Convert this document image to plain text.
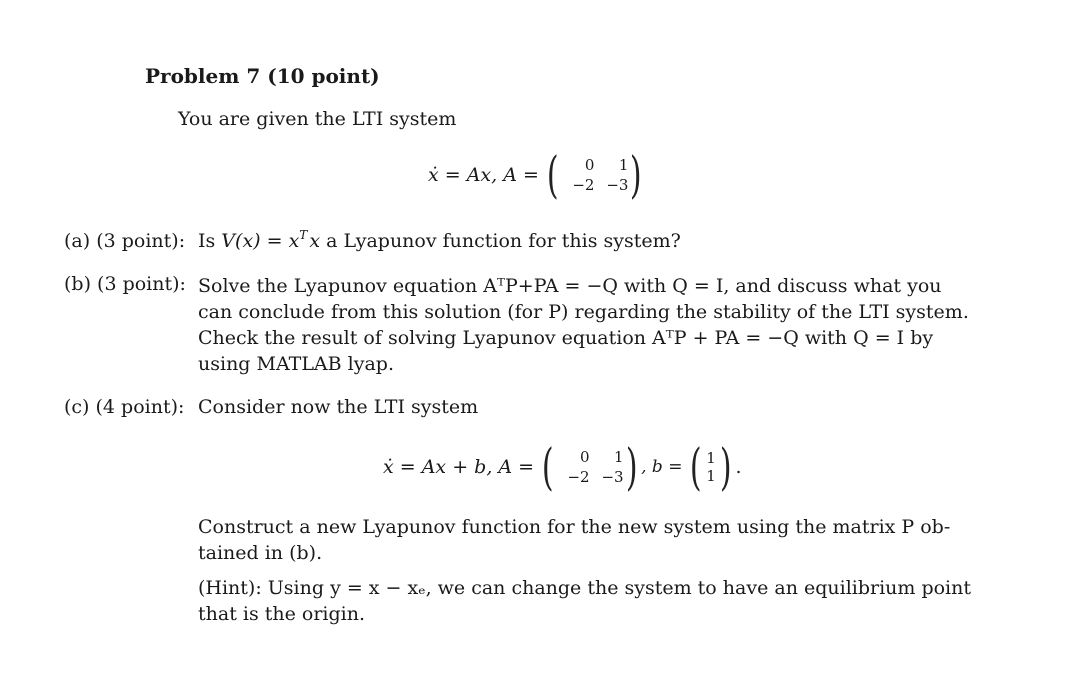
Problem 7 (10 point)
You are given the LTI system
ẋ = Ax, A = (	0	1
−2 −3 )
(a) (3 point): Is $V(x) = x^T$ x a Lyapunov function for this system?
(b) (3 point): Solve the Lyapunov equation AᵀP+PA = −Q with Q = I, and discuss what you
can conclude from this solution (for P) regarding the stability of the LTI system.
Check the result of solving Lyapunov equation AᵀP + PA = −Q with Q = I by
using MATLAB lyap.
(c) (4 point): Consider now the LTI system
ẋ = Ax + b, A = (	0	1
−2 −3 ) , b = ( 1
1 ) .
Construct a new Lyapunov function for the new system using the matrix P ob-
tained in (b).
(Hint): Using y = x − xₑ, we can change the system to have an equilibrium point
that is the origin.
